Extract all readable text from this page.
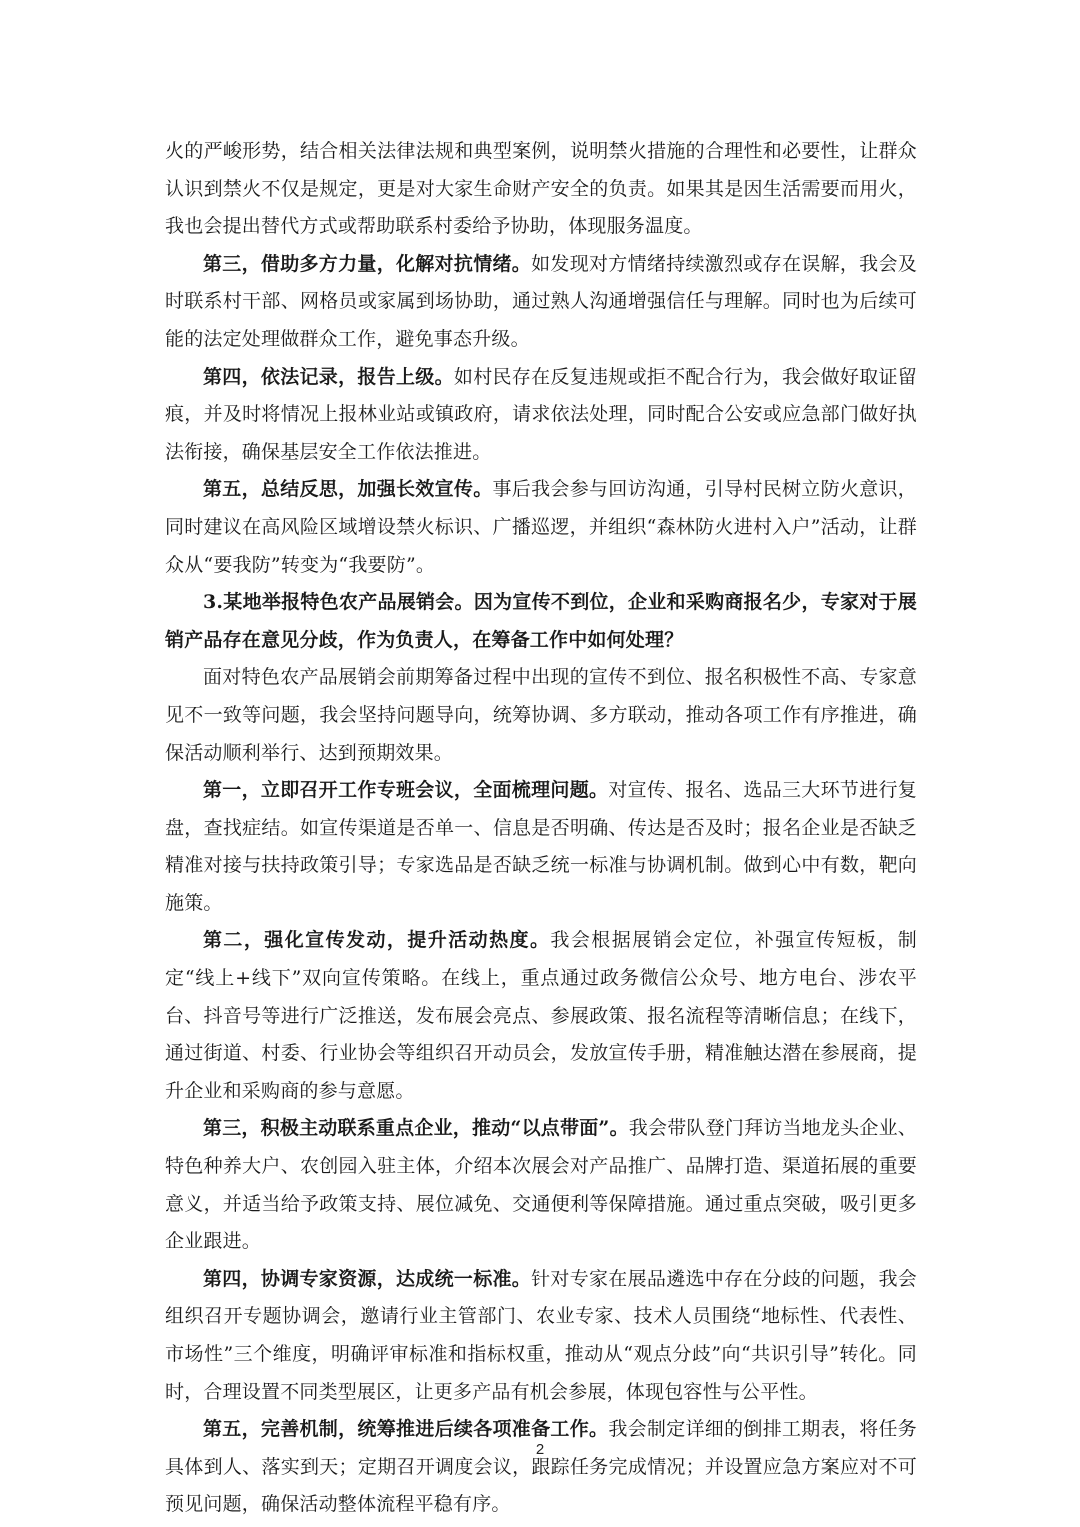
火的严峻形势，结合相关法律法规和典型案例，说明禁火措施的合理性和必要性，让群众认识到禁火不仅是规定，更是对大家生命财产安全的负责。如果其是因生活需要而用火，我也会提出替代方式或帮助联系村委给予协助，体现服务温度。

第三，借助多方力量，化解对抗情绪。如发现对方情绪持续激烈或存在误解，我会及时联系村干部、网格员或家属到场协助，通过熟人沟通增强信任与理解。同时也为后续可能的法定处理做群众工作，避免事态升级。

第四，依法记录，报告上级。如村民存在反复违规或拒不配合行为，我会做好取证留痕，并及时将情况上报林业站或镇政府，请求依法处理，同时配合公安或应急部门做好执法衔接，确保基层安全工作依法推进。

第五，总结反思，加强长效宣传。事后我会参与回访沟通，引导村民树立防火意识，同时建议在高风险区域增设禁火标识、广播巡逻，并组织“森林防火进村入户”活动，让群众从“要我防”转变为“我要防”。

3.某地举报特色农产品展销会。因为宣传不到位，企业和采购商报名少，专家对于展销产品存在意见分歧，作为负责人，在筹备工作中如何处理？

面对特色农产品展销会前期筹备过程中出现的宣传不到位、报名积极性不高、专家意见不一致等问题，我会坚持问题导向，统筹协调、多方联动，推动各项工作有序推进，确保活动顺利举行、达到预期效果。

第一，立即召开工作专班会议，全面梳理问题。对宣传、报名、选品三大环节进行复盘，查找症结。如宣传渠道是否单一、信息是否明确、传达是否及时；报名企业是否缺乏精准对接与扶持政策引导；专家选品是否缺乏统一标准与协调机制。做到心中有数，靶向施策。

第二，强化宣传发动，提升活动热度。我会根据展销会定位，补强宣传短板，制定“线上+线下”双向宣传策略。在线上，重点通过政务微信公众号、地方电台、涉农平台、抖音号等进行广泛推送，发布展会亮点、参展政策、报名流程等清晰信息；在线下，通过街道、村委、行业协会等组织召开动员会，发放宣传手册，精准触达潜在参展商，提升企业和采购商的参与意愿。

第三，积极主动联系重点企业，推动“以点带面”。我会带队登门拜访当地龙头企业、特色种养大户、农创园入驻主体，介绍本次展会对产品推广、品牌打造、渠道拓展的重要意义，并适当给予政策支持、展位减免、交通便利等保障措施。通过重点突破，吸引更多企业跟进。

第四，协调专家资源，达成统一标准。针对专家在展品遴选中存在分歧的问题，我会组织召开专题协调会，邀请行业主管部门、农业专家、技术人员围绕“地标性、代表性、市场性”三个维度，明确评审标准和指标权重，推动从“观点分歧”向“共识引导”转化。同时，合理设置不同类型展区，让更多产品有机会参展，体现包容性与公平性。

第五，完善机制，统筹推进后续各项准备工作。我会制定详细的倒排工期表，将任务具体到人、落实到天；定期召开调度会议，跟踪任务完成情况；并设置应急方案应对不可预见问题，确保活动整体流程平稳有序。

2
